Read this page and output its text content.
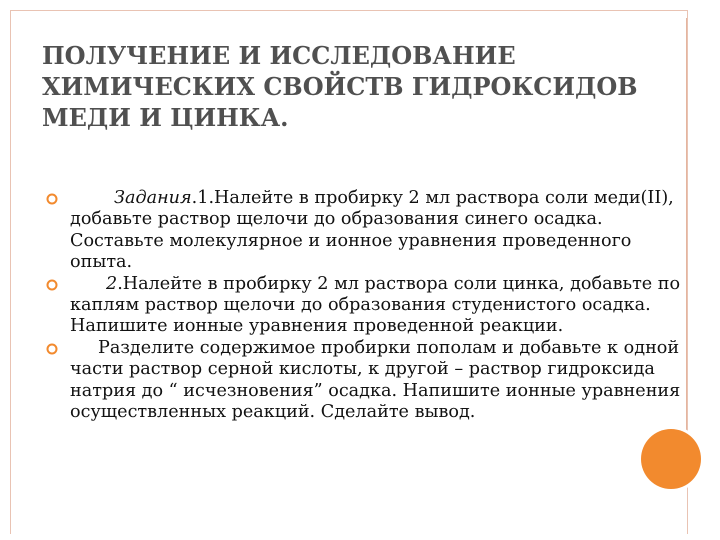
ПОЛУЧЕНИЕ И ИССЛЕДОВАНИЕ ХИМИЧЕСКИХ СВОЙСТВ ГИДРОКСИДОВ МЕДИ И ЦИНКА.

Задания.1.Налейте в пробирку 2 мл раствора соли меди(II), добавьте раствор щелочи до образования синего осадка. Составьте молекулярное и ионное уравнения проведенного опыта.

2.Налейте в пробирку 2 мл раствора соли цинка, добавьте по каплям раствор щелочи до образования студенистого осадка. Напишите ионные уравнения проведенной реакции.

Разделите содержимое пробирки пополам и добавьте к одной части раствор серной кислоты, к другой – раствор гидроксида натрия до “ исчезновения” осадка. Напишите ионные уравнения осуществленных реакций. Сделайте вывод.
